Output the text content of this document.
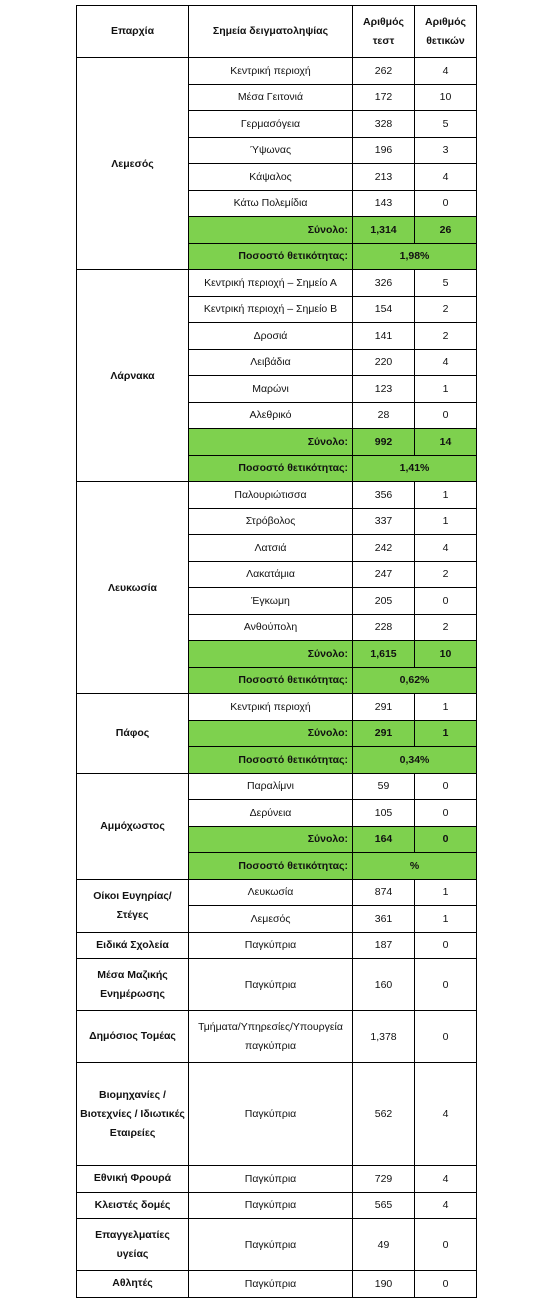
Επαρχία	Σημεία δειγματοληψίας	Αριθμός τεστ	Αριθμός θετικών
Λεμεσός	Κεντρική περιοχή	262	4
	Μέσα Γειτονιά	172	10
	Γερμασόγεια	328	5
	Ύψωνας	196	3
	Κάψαλος	213	4
	Κάτω Πολεμίδια	143	0
	Σύνολο:	1,314	26
	Ποσοστό θετικότητας:	1,98%	
Λάρνακα	Κεντρική περιοχή – Σημείο Α	326	5
	Κεντρική περιοχή – Σημείο Β	154	2
	Δροσιά	141	2
	Λειβάδια	220	4
	Μαρώνι	123	1
	Αλεθρικό	28	0
	Σύνολο:	992	14
	Ποσοστό θετικότητας:	1,41%	
Λευκωσία	Παλουριώτισσα	356	1
	Στρόβολος	337	1
	Λατσιά	242	4
	Λακατάμια	247	2
	Έγκωμη	205	0
	Ανθούπολη	228	2
	Σύνολο:	1,615	10
	Ποσοστό θετικότητας:	0,62%	
Πάφος	Κεντρική περιοχή	291	1
	Σύνολο:	291	1
	Ποσοστό θετικότητας:	0,34%	
Αμμόχωστος	Παραλίμνι	59	0
	Δερύνεια	105	0
	Σύνολο:	164	0
	Ποσοστό θετικότητας:	%	
Οίκοι Ευγηρίας/Στέγες	Λευκωσία	874	1
	Λεμεσός	361	1
Ειδικά Σχολεία	Παγκύπρια	187	0
Μέσα Μαζικής Ενημέρωσης	Παγκύπρια	160	0
Δημόσιος Τομέας	Τμήματα/Υπηρεσίες/Υπουργεία παγκύπρια	1,378	0
Βιομηχανίες / Βιοτεχνίες / Ιδιωτικές Εταιρείες	Παγκύπρια	562	4
Εθνική Φρουρά	Παγκύπρια	729	4
Κλειστές δομές	Παγκύπρια	565	4
Επαγγελματίες υγείας	Παγκύπρια	49	0
Αθλητές	Παγκύπρια	190	0
